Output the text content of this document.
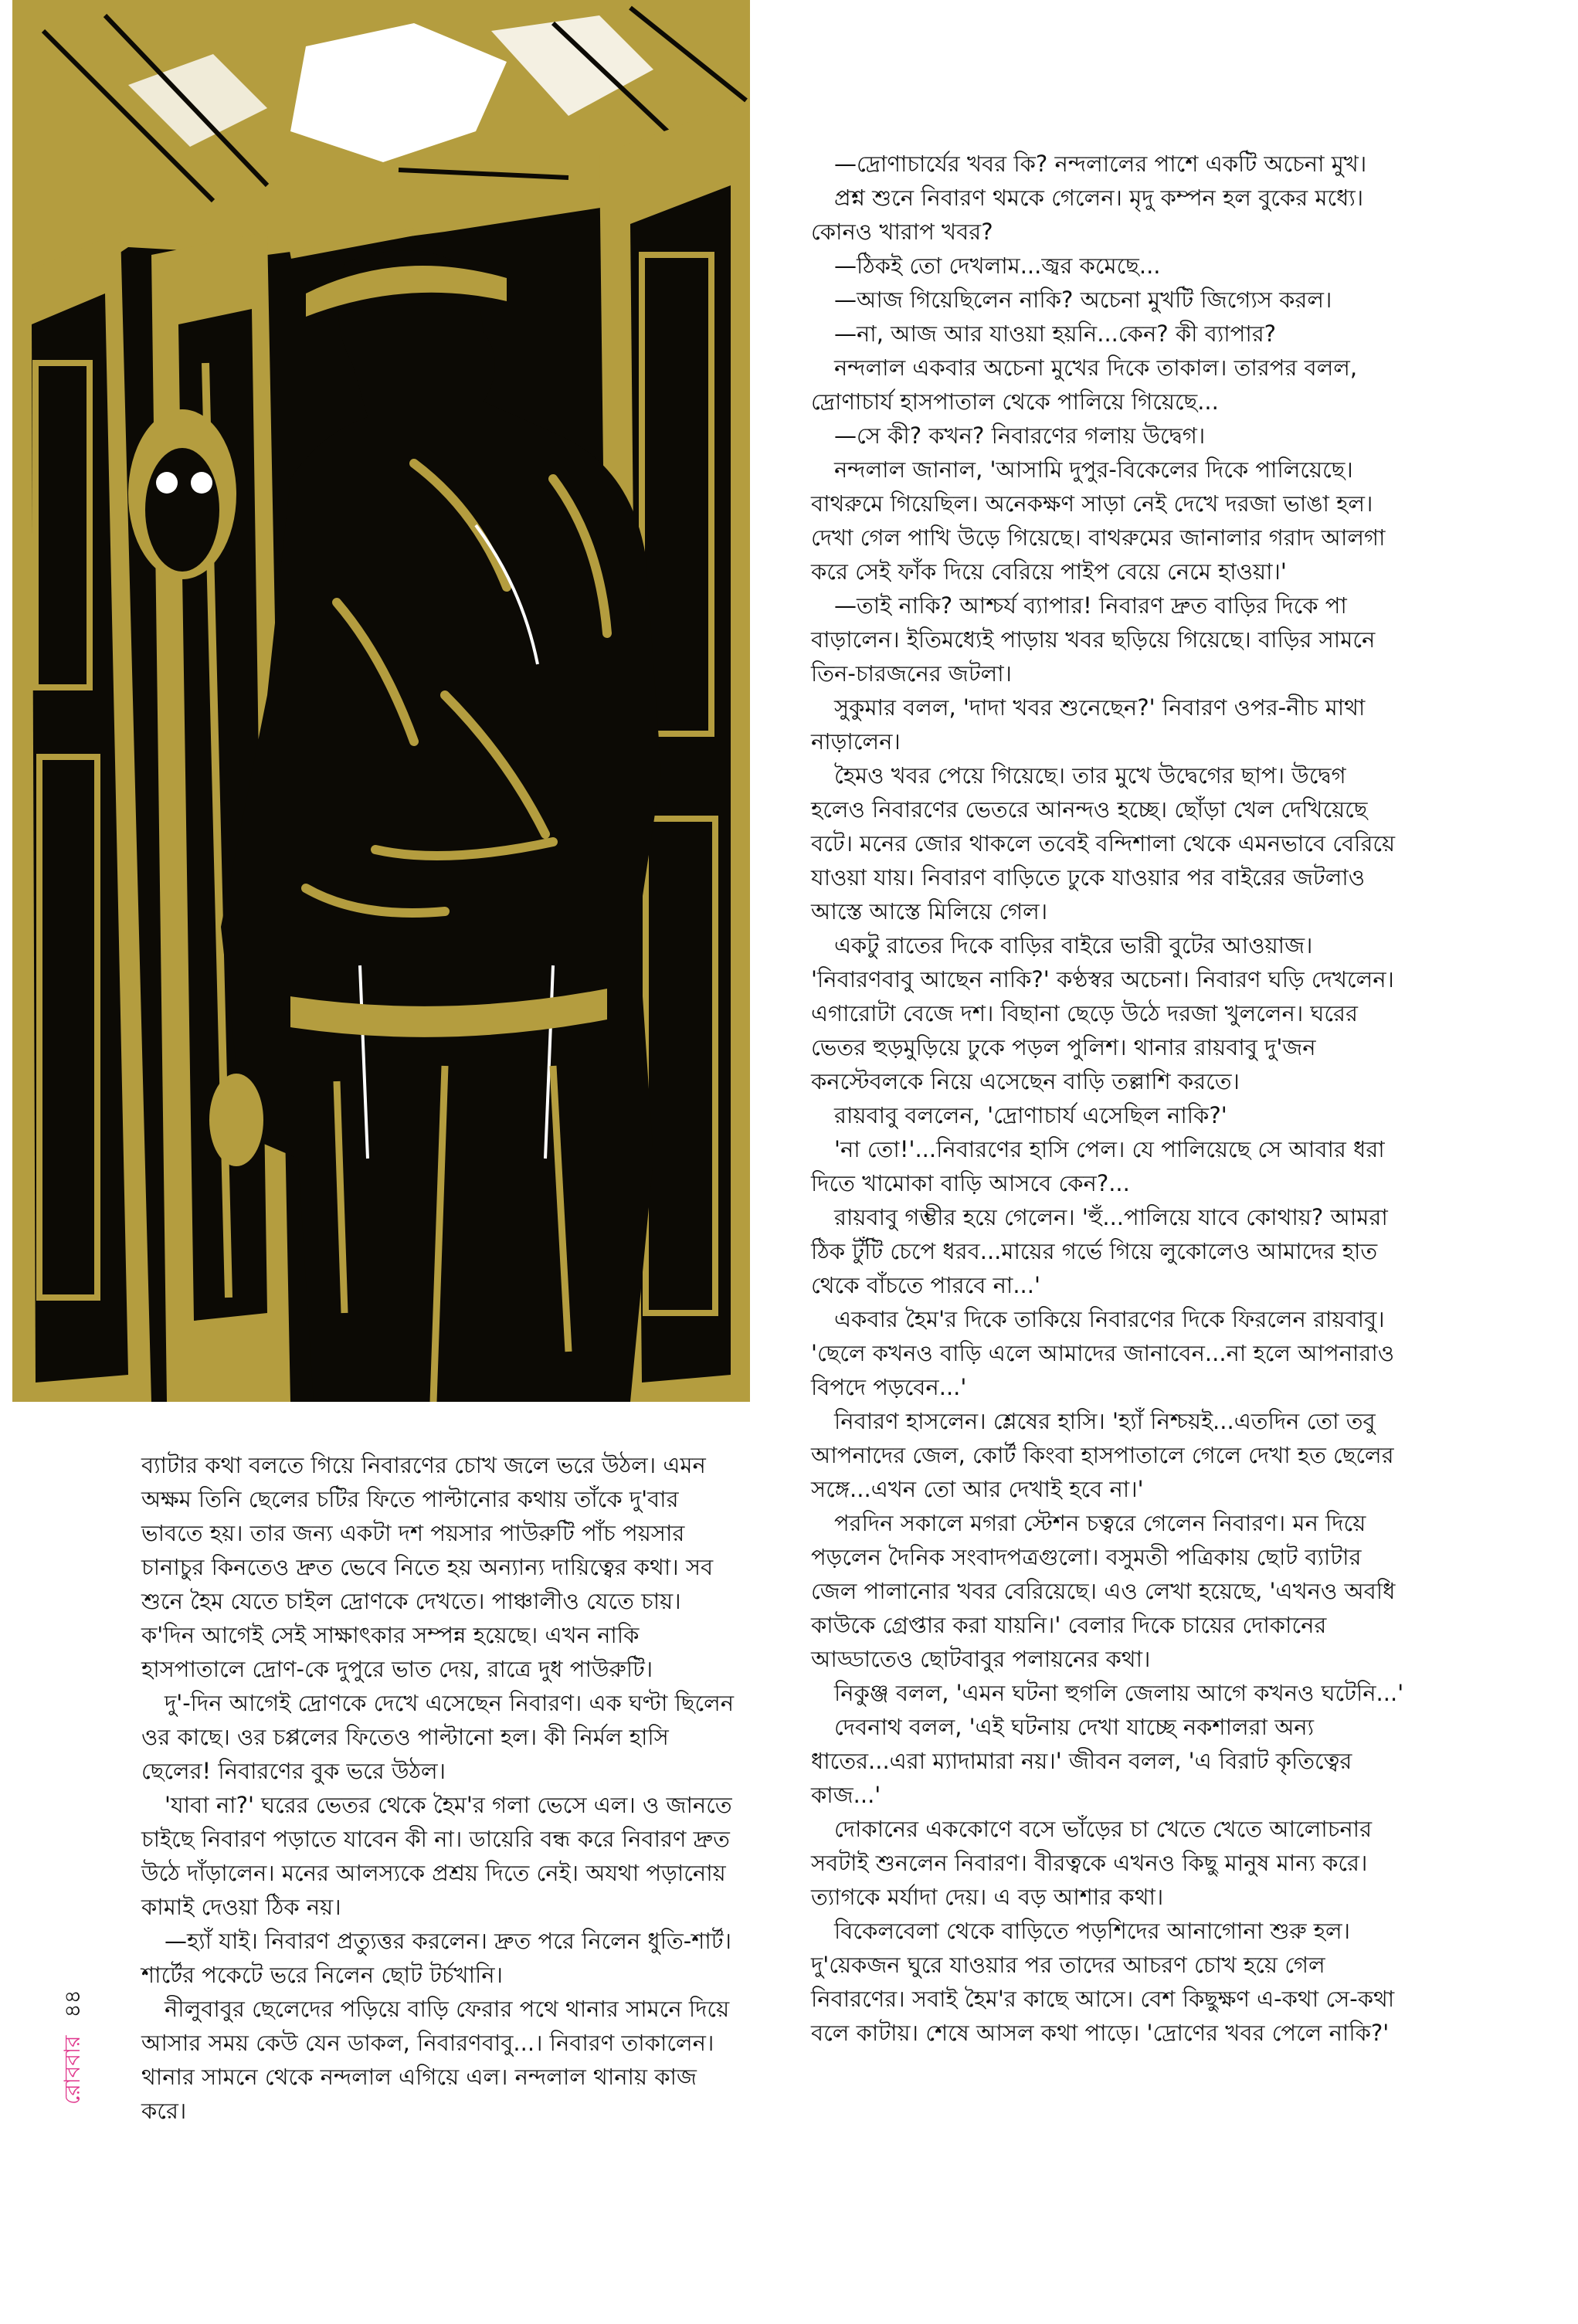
ব্যাটার কথা বলতে গিয়ে নিবারণের চোখ জলে ভরে উঠল। এমন অক্ষম তিনি ছেলের চটির ফিতে পাল্টানোর কথায় তাঁকে দু'বার ভাবতে হয়। তার জন্য একটা দশ পয়সার পাউরুটি পাঁচ পয়সার চানাচুর কিনতেও দ্রুত ভেবে নিতে হয় অন্যান্য দায়িত্বের কথা। সব শুনে হৈম যেতে চাইল দ্রোণকে দেখতে। পাঞ্চালীও যেতে চায়। ক'দিন আগেই সেই সাক্ষাৎকার সম্পন্ন হয়েছে। এখন নাকি হাসপাতালে দ্রোণ-কে দুপুরে ভাত দেয়, রাত্রে দুধ পাউরুটি।

দু'-দিন আগেই দ্রোণকে দেখে এসেছেন নিবারণ। এক ঘণ্টা ছিলেন ওর কাছে। ওর চপ্পলের ফিতেও পাল্টানো হল। কী নির্মল হাসি ছেলের! নিবারণের বুক ভরে উঠল।

'যাবা না?' ঘরের ভেতর থেকে হৈম'র গলা ভেসে এল। ও জানতে চাইছে নিবারণ পড়াতে যাবেন কী না। ডায়েরি বন্ধ করে নিবারণ দ্রুত উঠে দাঁড়ালেন। মনের আলস্যকে প্রশ্রয় দিতে নেই। অযথা পড়ানোয় কামাই দেওয়া ঠিক নয়।

—হ্যাঁ যাই। নিবারণ প্রত্যুত্তর করলেন। দ্রুত পরে নিলেন ধুতি-শার্ট। শার্টের পকেটে ভরে নিলেন ছোট টর্চখানি।

নীলুবাবুর ছেলেদের পড়িয়ে বাড়ি ফেরার পথে থানার সামনে দিয়ে আসার সময় কেউ যেন ডাকল, নিবারণবাবু...। নিবারণ তাকালেন। থানার সামনে থেকে নন্দলাল এগিয়ে এল। নন্দলাল থানায় কাজ করে।

—দ্রোণাচার্যের খবর কি? নন্দলালের পাশে একটি অচেনা মুখ।

প্রশ্ন শুনে নিবারণ থমকে গেলেন। মৃদু কম্পন হল বুকের মধ্যে। কোনও খারাপ খবর?

—ঠিকই তো দেখলাম...জ্বর কমেছে...

—আজ গিয়েছিলেন নাকি? অচেনা মুখটি জিগ্যেস করল।

—না, আজ আর যাওয়া হয়নি...কেন? কী ব্যাপার?

নন্দলাল একবার অচেনা মুখের দিকে তাকাল। তারপর বলল, দ্রোণাচার্য হাসপাতাল থেকে পালিয়ে গিয়েছে...

—সে কী? কখন? নিবারণের গলায় উদ্বেগ।

নন্দলাল জানাল, 'আসামি দুপুর-বিকেলের দিকে পালিয়েছে। বাথরুমে গিয়েছিল। অনেকক্ষণ সাড়া নেই দেখে দরজা ভাঙা হল। দেখা গেল পাখি উড়ে গিয়েছে। বাথরুমের জানালার গরাদ আলগা করে সেই ফাঁক দিয়ে বেরিয়ে পাইপ বেয়ে নেমে হাওয়া।'

—তাই নাকি? আশ্চর্য ব্যাপার! নিবারণ দ্রুত বাড়ির দিকে পা বাড়ালেন। ইতিমধ্যেই পাড়ায় খবর ছড়িয়ে গিয়েছে। বাড়ির সামনে তিন-চারজনের জটলা।

সুকুমার বলল, 'দাদা খবর শুনেছেন?' নিবারণ ওপর-নীচ মাথা নাড়ালেন।

হৈমও খবর পেয়ে গিয়েছে। তার মুখে উদ্বেগের ছাপ। উদ্বেগ হলেও নিবারণের ভেতরে আনন্দও হচ্ছে। ছোঁড়া খেল দেখিয়েছে বটে। মনের জোর থাকলে তবেই বন্দিশালা থেকে এমনভাবে বেরিয়ে যাওয়া যায়। নিবারণ বাড়িতে ঢুকে যাওয়ার পর বাইরের জটলাও আস্তে আস্তে মিলিয়ে গেল।

একটু রাতের দিকে বাড়ির বাইরে ভারী বুটের আওয়াজ। 'নিবারণবাবু আছেন নাকি?' কণ্ঠস্বর অচেনা। নিবারণ ঘড়ি দেখলেন। এগারোটা বেজে দশ। বিছানা ছেড়ে উঠে দরজা খুললেন। ঘরের ভেতর হুড়মুড়িয়ে ঢুকে পড়ল পুলিশ। থানার রায়বাবু দু'জন কনস্টেবলকে নিয়ে এসেছেন বাড়ি তল্লাশি করতে।

রায়বাবু বললেন, 'দ্রোণাচার্য এসেছিল নাকি?'

'না তো!'...নিবারণের হাসি পেল। যে পালিয়েছে সে আবার ধরা দিতে খামোকা বাড়ি আসবে কেন?...

রায়বাবু গম্ভীর হয়ে গেলেন। 'হুঁ...পালিয়ে যাবে কোথায়? আমরা ঠিক টুঁটি চেপে ধরব...মায়ের গর্ভে গিয়ে লুকোলেও আমাদের হাত থেকে বাঁচতে পারবে না...'

একবার হৈম'র দিকে তাকিয়ে নিবারণের দিকে ফিরলেন রায়বাবু। 'ছেলে কখনও বাড়ি এলে আমাদের জানাবেন...না হলে আপনারাও বিপদে পড়বেন...'

নিবারণ হাসলেন। শ্লেষের হাসি। 'হ্যাঁ নিশ্চয়ই...এতদিন তো তবু আপনাদের জেল, কোর্ট কিংবা হাসপাতালে গেলে দেখা হত ছেলের সঙ্গে...এখন তো আর দেখাই হবে না।'

পরদিন সকালে মগরা স্টেশন চত্বরে গেলেন নিবারণ। মন দিয়ে পড়লেন দৈনিক সংবাদপত্রগুলো। বসুমতী পত্রিকায় ছোট ব্যাটার জেল পালানোর খবর বেরিয়েছে। এও লেখা হয়েছে, 'এখনও অবধি কাউকে গ্রেপ্তার করা যায়নি।' বেলার দিকে চায়ের দোকানের আড্ডাতেও ছোটবাবুর পলায়নের কথা।

নিকুঞ্জ বলল, 'এমন ঘটনা হুগলি জেলায় আগে কখনও ঘটেনি...'

দেবনাথ বলল, 'এই ঘটনায় দেখা যাচ্ছে নকশালরা অন্য ধাতের...এরা ম্যাদামারা নয়।' জীবন বলল, 'এ বিরাট কৃতিত্বের কাজ...'

দোকানের এককোণে বসে ভাঁড়ের চা খেতে খেতে আলোচনার সবটাই শুনলেন নিবারণ। বীরত্বকে এখনও কিছু মানুষ মান্য করে। ত্যাগকে মর্যাদা দেয়। এ বড় আশার কথা।

বিকেলবেলা থেকে বাড়িতে পড়শিদের আনাগোনা শুরু হল। দু'য়েকজন ঘুরে যাওয়ার পর তাদের আচরণ চোখ হয়ে গেল নিবারণের। সবাই হৈম'র কাছে আসে। বেশ কিছুক্ষণ এ-কথা সে-কথা বলে কাটায়। শেষে আসল কথা পাড়ে। 'দ্রোণের খবর পেলে নাকি?'

রোববার ৪৪
